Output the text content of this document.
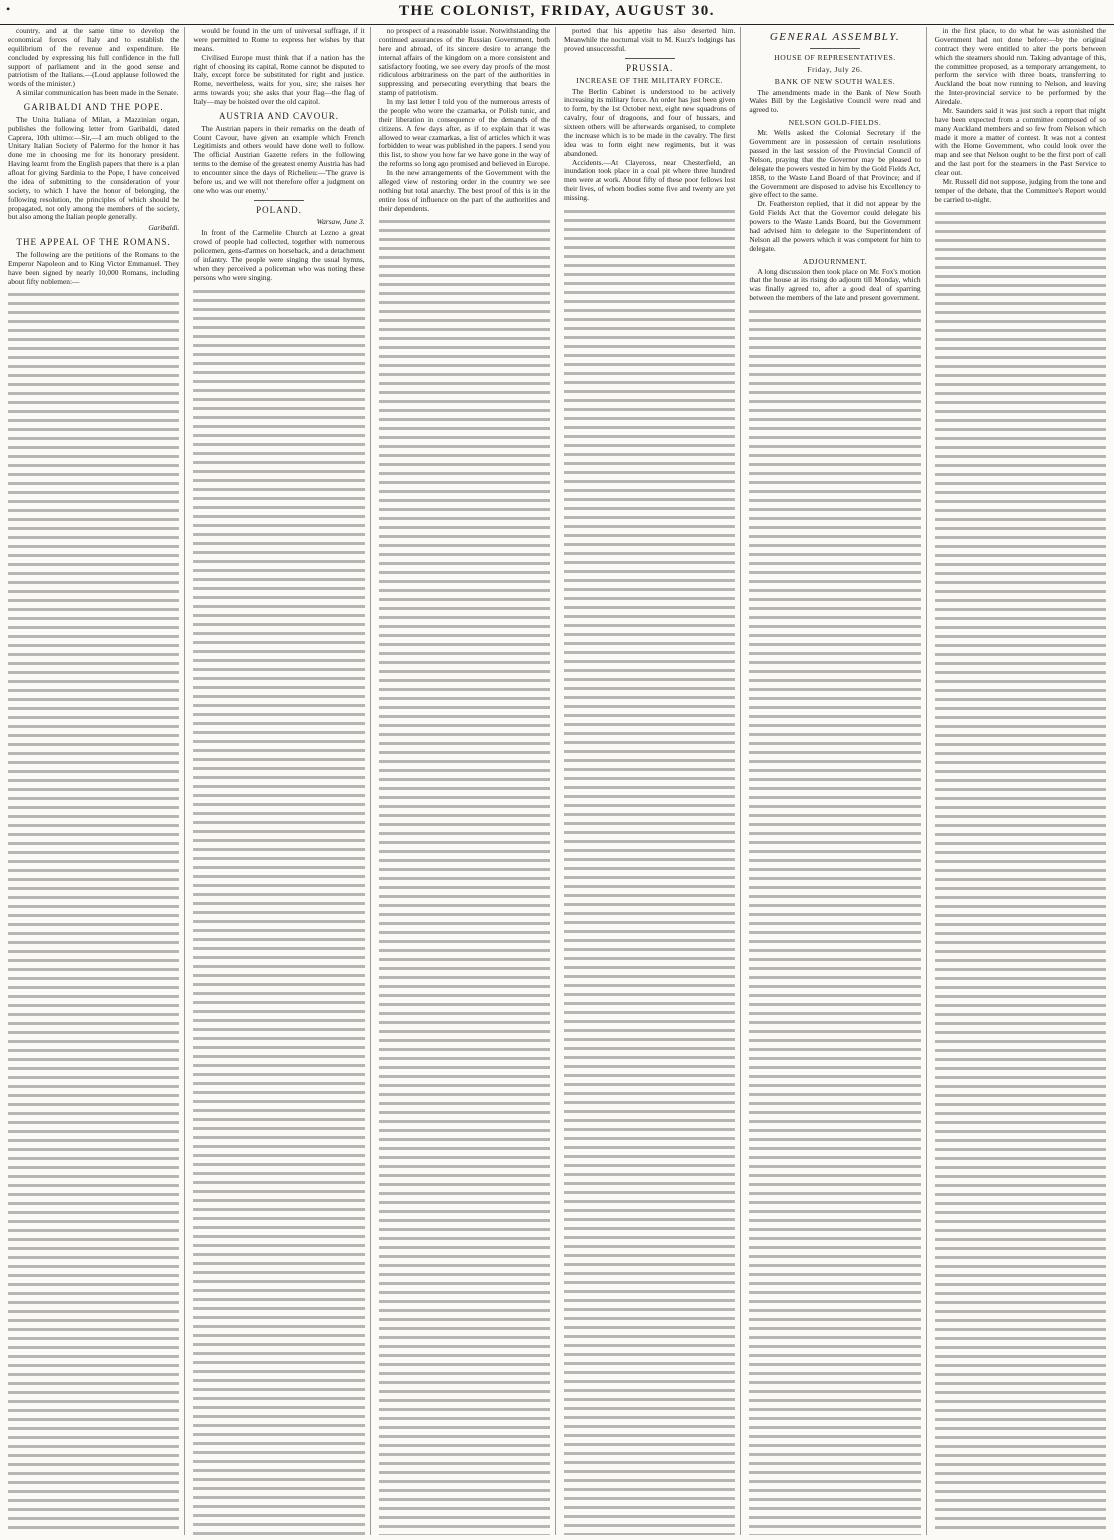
•	THE COLONIST, FRIDAY, AUGUST 30.

country, and at the same time to develop the economical forces of Italy and to establish the equilibrium of the revenue and expenditure. He concluded by expressing his full confidence in the full support of parliament and in the good sense and patriotism of the Italians.—(Loud applause followed the words of the minister.)

A similar communication has been made in the Senate.

GARIBALDI AND THE POPE.

The Unita Italiana of Milan, a Mazzinian organ, publishes the following letter from Garibaldi, dated Caprera, 10th ultimo:—Sir,—I am much obliged to the Unitary Italian Society of Palermo for the honor it has done me in choosing me for its honorary president. Having learnt from the English papers that there is a plan afloat for giving Sardinia to the Pope, I have conceived the idea of submitting to the consideration of your society, to which I have the honor of belonging, the following resolution, the principles of which should be propagated, not only among the members of the society, but also among the Italian people generally.

Garibaldi.

THE APPEAL OF THE ROMANS.

The following are the petitions of the Romans to the Emperor Napoleon and to King Victor Emmanuel. They have been signed by nearly 10,000 Romans, including about fifty noblemen:—

would be found in the urn of universal suffrage, if it were permitted to Rome to express her wishes by that means.

Civilised Europe must think that if a nation has the right of choosing its capital, Rome cannot be disputed to Italy, except force be substituted for right and justice. Rome, nevertheless, waits for you, sire; she raises her arms towards you; she asks that your flag—the flag of Italy—may be hoisted over the old capitol.

AUSTRIA AND CAVOUR.

The Austrian papers in their remarks on the death of Count Cavour, have given an example which French Legitimists and others would have done well to follow. The official Austrian Gazette refers in the following terms to the demise of the greatest enemy Austria has had to encounter since the days of Richelieu:—'The grave is before us, and we will not therefore offer a judgment on one who was our enemy.'

POLAND.

Warsaw, June 3.

In front of the Carmelite Church at Lezno a great crowd of people had collected, together with numerous policemen, gens-d'armes on horseback, and a detachment of infantry. The people were singing the usual hymns, when they perceived a policeman who was noting these persons who were singing.

no prospect of a reasonable issue. Notwithstanding the continued assurances of the Russian Government, both here and abroad, of its sincere desire to arrange the internal affairs of the kingdom on a more consistent and satisfactory footing, we see every day proofs of the most ridiculous arbitrariness on the part of the authorities in suppressing and persecuting everything that bears the stamp of patriotism.

In my last letter I told you of the numerous arrests of the people who wore the czamarka, or Polish tunic, and their liberation in consequence of the demands of the citizens. A few days after, as if to explain that it was allowed to wear czamarkas, a list of articles which it was forbidden to wear was published in the papers. I send you this list, to show you how far we have gone in the way of the reforms so long ago promised and believed in Europe.

In the new arrangements of the Government with the alleged view of restoring order in the country we see nothing but total anarchy. The best proof of this is in the entire loss of influence on the part of the authorities and their dependents.

ported that his appetite has also deserted him. Meanwhile the nocturnal visit to M. Kucz's lodgings has proved unsuccessful.

PRUSSIA.

INCREASE OF THE MILITARY FORCE.

The Berlin Cabinet is understood to be actively increasing its military force. An order has just been given to form, by the 1st October next, eight new squadrons of cavalry, four of dragoons, and four of hussars, and sixteen others will be afterwards organised, to complete the increase which is to be made in the cavalry. The first idea was to form eight new regiments, but it was abandoned.

Accidents.—At Clayeross, near Chesterfield, an inundation took place in a coal pit where three hundred men were at work. About fifty of these poor fellows lost their lives, of whom bodies some five and twenty are yet missing.

GENERAL ASSEMBLY.

HOUSE OF REPRESENTATIVES.

Friday, July 26.

BANK OF NEW SOUTH WALES.

The amendments made in the Bank of New South Wales Bill by the Legislative Council were read and agreed to.

NELSON GOLD-FIELDS.

Mr. Wells asked the Colonial Secretary if the Government are in possession of certain resolutions passed in the last session of the Provincial Council of Nelson, praying that the Governor may be pleased to delegate the powers vested in him by the Gold Fields Act, 1858, to the Waste Land Board of that Province; and if the Government are disposed to advise his Excellency to give effect to the same.

Dr. Featherston replied, that it did not appear by the Gold Fields Act that the Governor could delegate his powers to the Waste Lands Board, but the Government had advised him to delegate to the Superintendent of Nelson all the powers which it was competent for him to delegate.

ADJOURNMENT.

A long discussion then took place on Mr. Fox's motion that the house at its rising do adjourn till Monday, which was finally agreed to, after a good deal of sparring between the members of the late and present government.

in the first place, to do what he was astonished the Government had not done before:—by the original contract they were entitled to alter the ports between which the steamers should run. Taking advantage of this, the committee proposed, as a temporary arrangement, to perform the service with three boats, transferring to Auckland the boat now running to Nelson, and leaving the Inter-provincial service to be performed by the Airedale.

Mr. Saunders said it was just such a report that might have been expected from a committee composed of so many Auckland members and so few from Nelson which made it more a matter of contest. It was not a contest with the Home Government, who could look over the map and see that Nelson ought to be the first port of call and the last port for the steamers in the Past Service to clear out.

Mr. Russell did not suppose, judging from the tone and temper of the debate, that the Committee's Report would be carried to-night.
